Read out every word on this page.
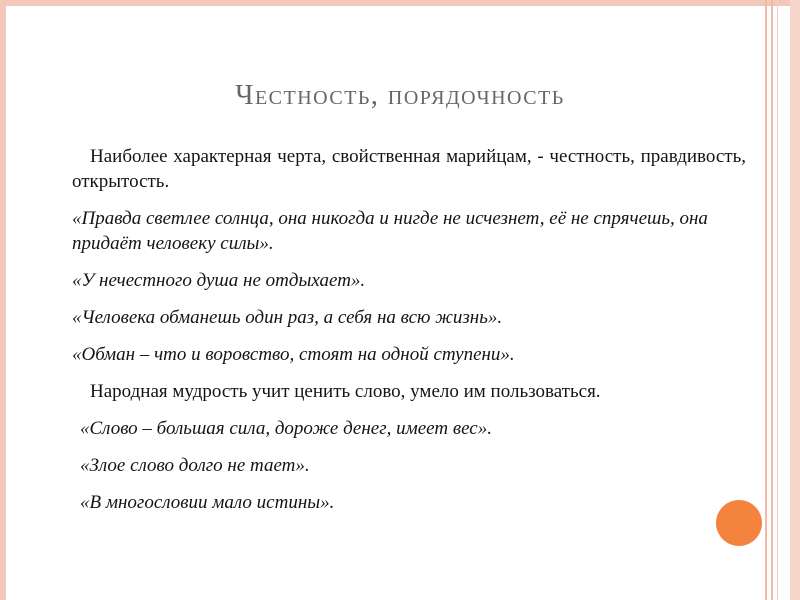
Честность, порядочность

Наиболее характерная черта, свойственная марийцам, - честность, правдивость, открытость.

«Правда светлее солнца, она никогда и нигде не исчезнет, её не спрячешь, она придаёт человеку силы».

«У нечестного душа не отдыхает».

«Человека обманешь один раз, а себя на всю жизнь».

«Обман – что и воровство, стоят на одной ступени».

Народная мудрость учит ценить слово, умело им пользоваться.

«Слово – большая сила, дороже денег, имеет вес».

«Злое слово долго не тает».

«В многословии мало истины».
